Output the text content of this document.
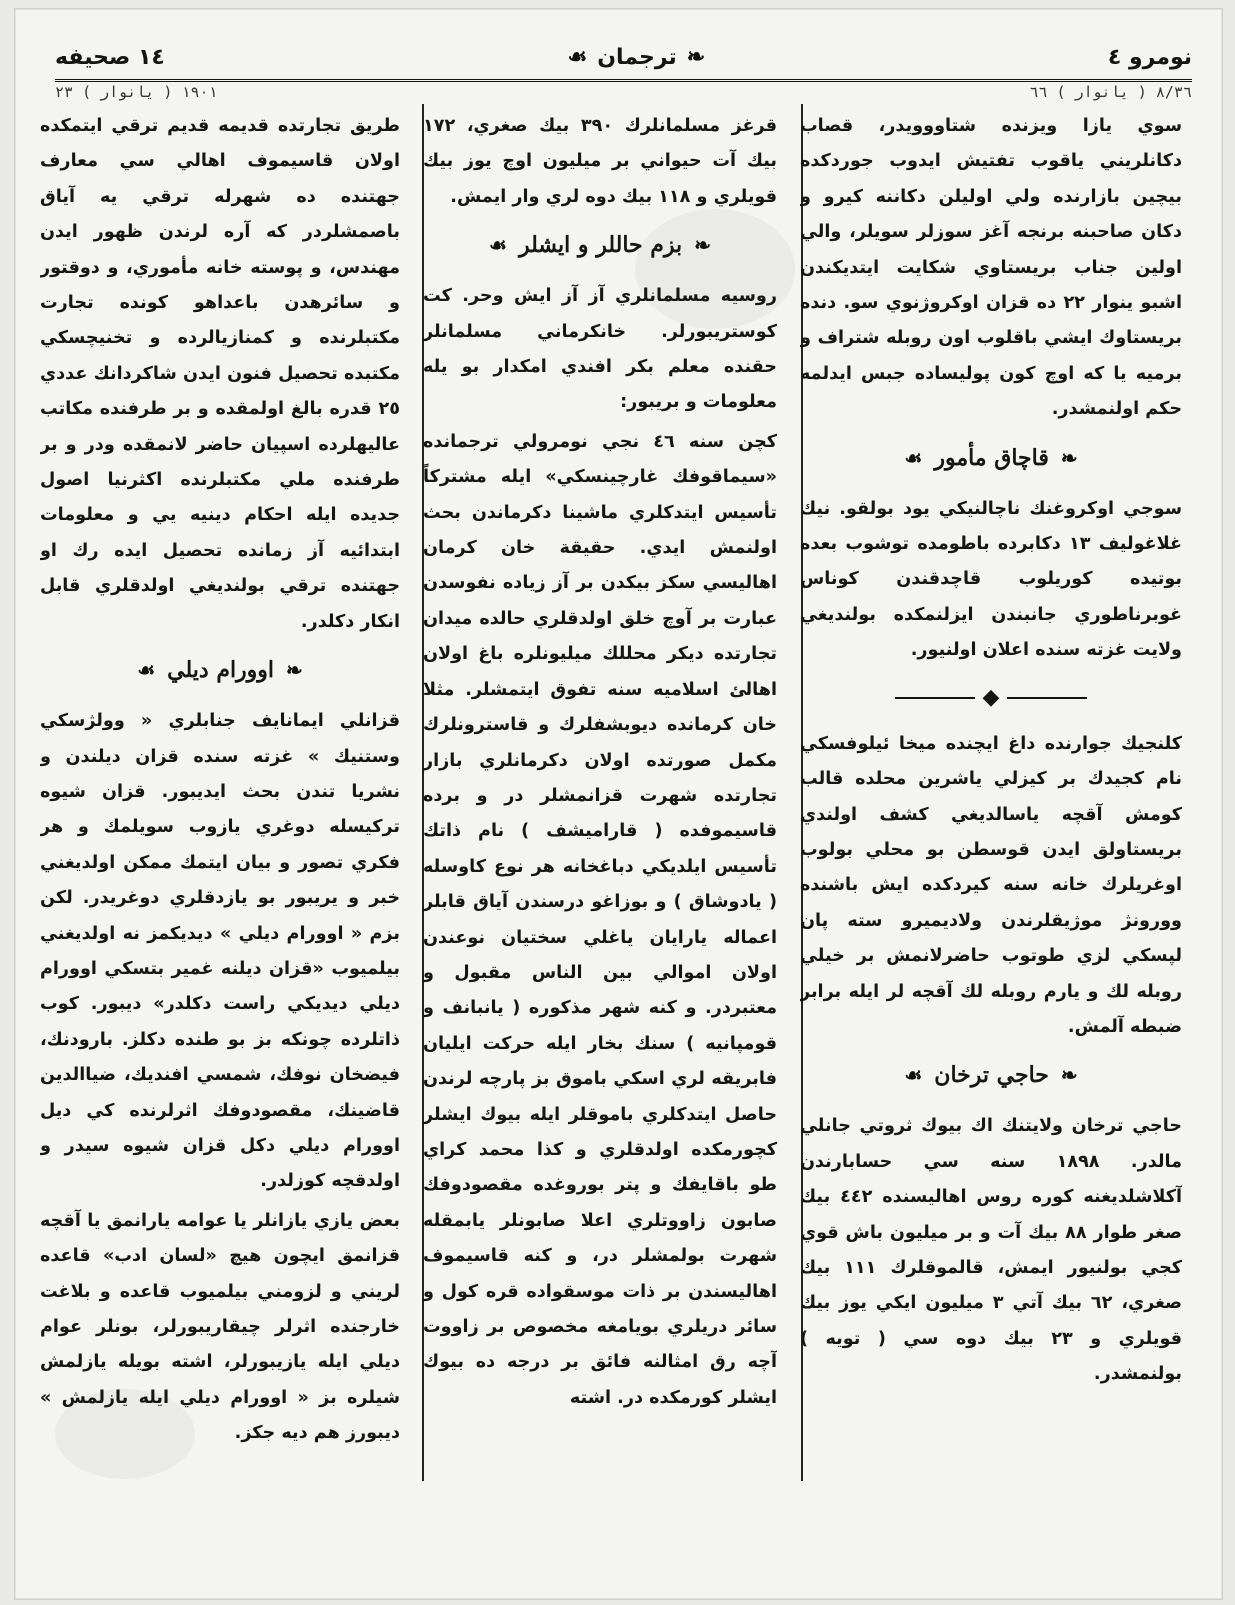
نومرو ٤
❧
ترجمان
☙
١٤ صحيفه
٨/٣٦ ( يانوار ) ٦٦
١٩٠١ ( يانوار ) ٢٣

سوي يازا ويزنده شتاووويدر، قصاب دكانلريني ياقوب تفتيش ايدوب جوردكده بيچين بازارنده ولي اوليلن دكاننه كيرو و دكان صاحبنه برنجه آغز سوزلر سويلر، والي اولين جناب بريستاوي شكايت ايتديكندن اشبو ينوار ٢٢ ده قزان اوكروژنوي سو. دنده بريستاوك ايشي باقلوب اون روبله شتراف و برميه يا كه اوچ كون پوليساده جبس ايدلمه حكم اولنمشدر.

❧
قاچاق مأمور
☙

سوجي اوكروغنك ناچالنيكي يود بولقو. نيك غلاغوليف ١٣ دكابرده باطومده توشوب بعده بوتيده كوريلوب قاچدقندن كوناس غوبرناطوري جانبندن ايزلنمكده بولنديغي ولايت غزته سنده اعلان اولنيور.

◆

كلنجيك جوارنده داغ ايچنده ميخا ئيلوفسكي نام كجيدك بر كيزلي ياشرين محلده قالب كومش آقچه ياسالديغي كشف اولندي بريستاولق ايدن قوسطن بو محلي بولوب اوغريلرك خانه سنه كيردكده ايش باشنده وورونژ موژيقلرندن ولاديميرو سته پان لپسكي لزي طوتوب حاضرلانمش بر خيلي روبله لك و يارم روبله لك آقچه لر ايله برابر ضبطه آلمش.

❧
حاجي ترخان
☙

حاجي ترخان ولايتنك اك بيوك ثروتي جانلي مالدر. ١٨٩٨ سنه سي حسابارندن آكلاشلديغنه كوره روس اهاليسنده ٤٤٢ بيك صغر طوار ٨٨ بيك آت و بر ميليون باش قوي كجي بولنيور ايمش، قالموقلرك ١١١ بيك صغري، ٦٢ بيك آتي ٣ ميليون ايكي يوز بيك قويلري و ٢٣ بيك دوه سي ( تويه ) بولنمشدر.

قرغز مسلمانلرك ٣٩٠ بيك صغري، ١٧٢ بيك آت حيواني بر ميليون اوچ يوز بيك قويلري و ١١٨ بيك دوه لري وار ايمش.

❧
بزم حاللر و ايشلر
☙

روسيه مسلمانلري آز آز ايش وحر. كت كوستريبورلر. خانكرماني مسلمانلر حقنده معلم بكر افندي امكدار بو يله معلومات و بريبور:

كچن سنه ٤٦ نجي نومرولي ترجمانده «سيماقوفك غارچينسكي» ايله مشتركاً تأسيس ايتدكلري ماشينا دكرماندن بحث اولنمش ايدي. حقيقة خان كرمان اهاليسي سكز بيكدن بر آز زياده نفوسدن عبارت بر آوچ خلق اولدقلري حالده ميدان تجارتده ديكر محللك ميليونلره باغ اولان اهالئ اسلاميه سنه تفوق ايتمشلر. مثلا خان كرمانده ديوبشفلرك و قاسترونلرك مكمل صورتده اولان دكرمانلري بازار تجارتده شهرت قزانمشلر در و برده قاسيموفده ( قاراميشف ) نام ذاتك تأسيس ايلديكي دباغخانه هر نوع كاوسله ( يادوشاق ) و بوزاغو درسندن آياق قابلر اعماله يارايان ياغلي سختيان نوعندن اولان اموالي بين الناس مقبول و معتبردر. و كنه شهر مذكوره ( يانبانف و قومپانيه ) سنك بخار ايله حركت ايليان فابريقه لري اسكي باموق بز پارچه لرندن حاصل ايتدكلري باموقلر ايله بيوك ايشلر كچورمكده اولدقلري و كذا محمد كراي طو باقايفك و پتر بوروغده مقصودوفك صابون زاووتلري اعلا صابونلر يابمقله شهرت بولمشلر در، و كنه قاسيموف اهاليسندن بر ذات موسقواده قره كول و سائر دريلري بويامغه مخصوص بر زاووت آچه رق امثالنه فائق بر درجه ده بيوك ايشلر كورمكده در. اشته

طريق تجارتده قديمه قديم ترقي ايتمكده اولان قاسيموف اهالي سي معارف جهتنده ده شهرله ترقي يه آياق باصمشلردر كه آره لرندن ظهور ايدن مهندس، و پوسته خانه مأموري، و دوقتور و سائرهدن باعداهو كونده تجارت مكتبلرنده و كمنازيالرده و تخنيچسكي مكتبده تحصيل فنون ايدن شاكردانك عددي ٢٥ قدره بالغ اولمقده و بر طرفنده مكاتب عاليهلرده اسپيان حاضر لانمقده ودر و بر طرفنده ملي مكتبلرنده اكثرنيا اصول جديده ايله احكام دينيه يي و معلومات ابتدائيه آز زمانده تحصيل ايده رك او جهتنده ترقي بولنديغي اولدقلري قابل انكار دكلدر.

❧
اوورام ديلي
☙

قزانلي ايمانايف جنابلري « وولژسكي وستنيك » غزته سنده قزان ديلندن و نشريا تندن بحث ايديبور. قزان شيوه تركيسله دوغري يازوب سويلمك و هر فكري تصور و بيان ايتمك ممكن اولديغني خبر و يريبور بو يازدقلري دوغريدر. لكن بزم « اوورام ديلي » ديديكمز نه اولديغني بيلميوب «قزان ديلنه غمير بتسكي اوورام ديلي ديديكي راست دكلدر» ديبور. كوب ذاتلرده چونكه بز بو طنده دكلز. بارودنك، فيضخان نوفك، شمسي افنديك، ضياالدين قاضينك، مقصودوفك اثرلرنده كي ديل اوورام ديلي دكل قزان شيوه سيدر و اولدقچه كوزلدر.

بعض يازي يازانلر يا عوامه يارانمق يا آقچه قزانمق ايچون هيچ «لسان ادب» قاعده لريني و لزومني بيلميوب قاعده و بلاغت خارجنده اثرلر چيقاريبورلر، بونلر عوام ديلي ايله يازيبورلر، اشته بويله يازلمش شيلره بز « اوورام ديلي ايله يازلمش » ديبورز هم ديه جكز.
